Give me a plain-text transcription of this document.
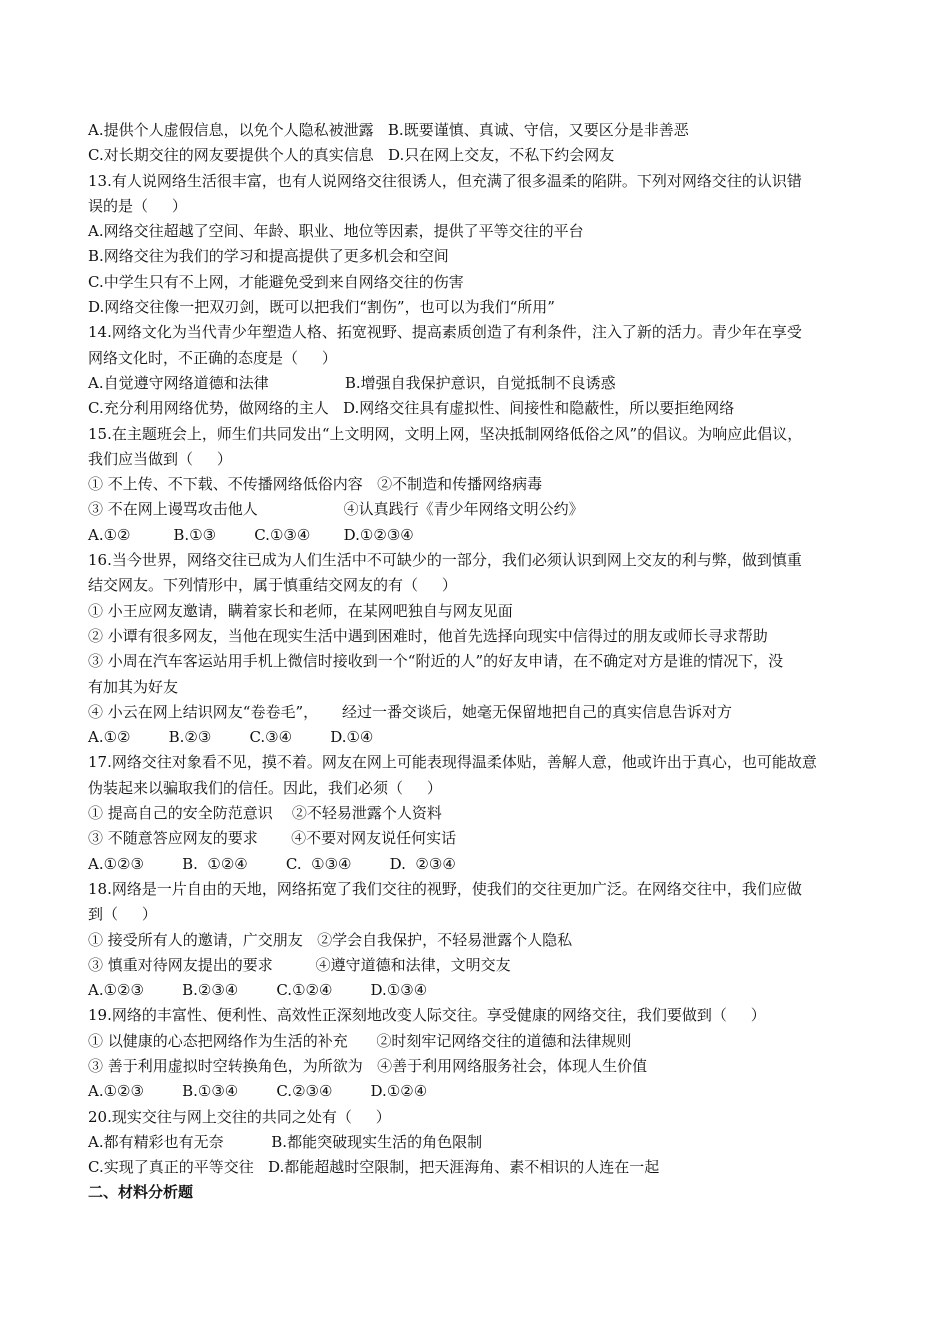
A.提供个人虚假信息，以免个人隐私被泄露   B.既要谨慎、真诚、守信，又要区分是非善恶
C.对长期交往的网友要提供个人的真实信息   D.只在网上交友，不私下约会网友
13.有人说网络生活很丰富，也有人说网络交往很诱人，但充满了很多温柔的陷阱。下列对网络交往的认识错
误的是（     ）
A.网络交往超越了空间、年龄、职业、地位等因素，提供了平等交往的平台
B.网络交往为我们的学习和提高提供了更多机会和空间
C.中学生只有不上网，才能避免受到来自网络交往的伤害
D.网络交往像一把双刃剑，既可以把我们“割伤”，也可以为我们“所用”
14.网络文化为当代青少年塑造人格、拓宽视野、提高素质创造了有利条件，注入了新的活力。青少年在享受
网络文化时，不正确的态度是（     ）
A.自觉遵守网络道德和法律                B.增强自我保护意识，自觉抵制不良诱惑
C.充分利用网络优势，做网络的主人   D.网络交往具有虚拟性、间接性和隐蔽性，所以要拒绝网络
15.在主题班会上，师生们共同发出“上文明网，文明上网，坚决抵制网络低俗之风”的倡议。为响应此倡议，
我们应当做到（     ）
① 不上传、不下载、不传播网络低俗内容   ②不制造和传播网络病毒
③ 不在网上谩骂攻击他人                  ④认真践行《青少年网络文明公约》
A.①②         B.①③        C.①③④       D.①②③④
16.当今世界，网络交往已成为人们生活中不可缺少的一部分，我们必须认识到网上交友的利与弊，做到慎重
结交网友。下列情形中，属于慎重结交网友的有（     ）
① 小王应网友邀请，瞒着家长和老师，在某网吧独自与网友见面
② 小谭有很多网友，当他在现实生活中遇到困难时，他首先选择向现实中信得过的朋友或师长寻求帮助
③ 小周在汽车客运站用手机上微信时接收到一个“附近的人”的好友申请，在不确定对方是谁的情况下，没
有加其为好友
④ 小云在网上结识网友“卷卷毛”，     经过一番交谈后，她毫无保留地把自己的真实信息告诉对方
A.①②        B.②③        C.③④        D.①④
17.网络交往对象看不见，摸不着。网友在网上可能表现得温柔体贴，善解人意，他或许出于真心，也可能故意
伪装起来以骗取我们的信任。因此，我们必须（     ）
① 提高自己的安全防范意识    ②不轻易泄露个人资料
③ 不随意答应网友的要求       ④不要对网友说任何实话
A.①②③        B.  ①②④        C.  ①③④        D.  ②③④
18.网络是一片自由的天地，网络拓宽了我们交往的视野，使我们的交往更加广泛。在网络交往中，我们应做
到（     ）
① 接受所有人的邀请，广交朋友   ②学会自我保护，不轻易泄露个人隐私
③ 慎重对待网友提出的要求         ④遵守道德和法律，文明交友
A.①②③        B.②③④        C.①②④        D.①③④
19.网络的丰富性、便利性、高效性正深刻地改变人际交往。享受健康的网络交往，我们要做到（     ）
① 以健康的心态把网络作为生活的补充      ②时刻牢记网络交往的道德和法律规则
③ 善于利用虚拟时空转换角色，为所欲为   ④善于利用网络服务社会，体现人生价值
A.①②③        B.①③④        C.②③④        D.①②④
20.现实交往与网上交往的共同之处有（     ）
A.都有精彩也有无奈          B.都能突破现实生活的角色限制
C.实现了真正的平等交往   D.都能超越时空限制，把天涯海角、素不相识的人连在一起
二、材料分析题
